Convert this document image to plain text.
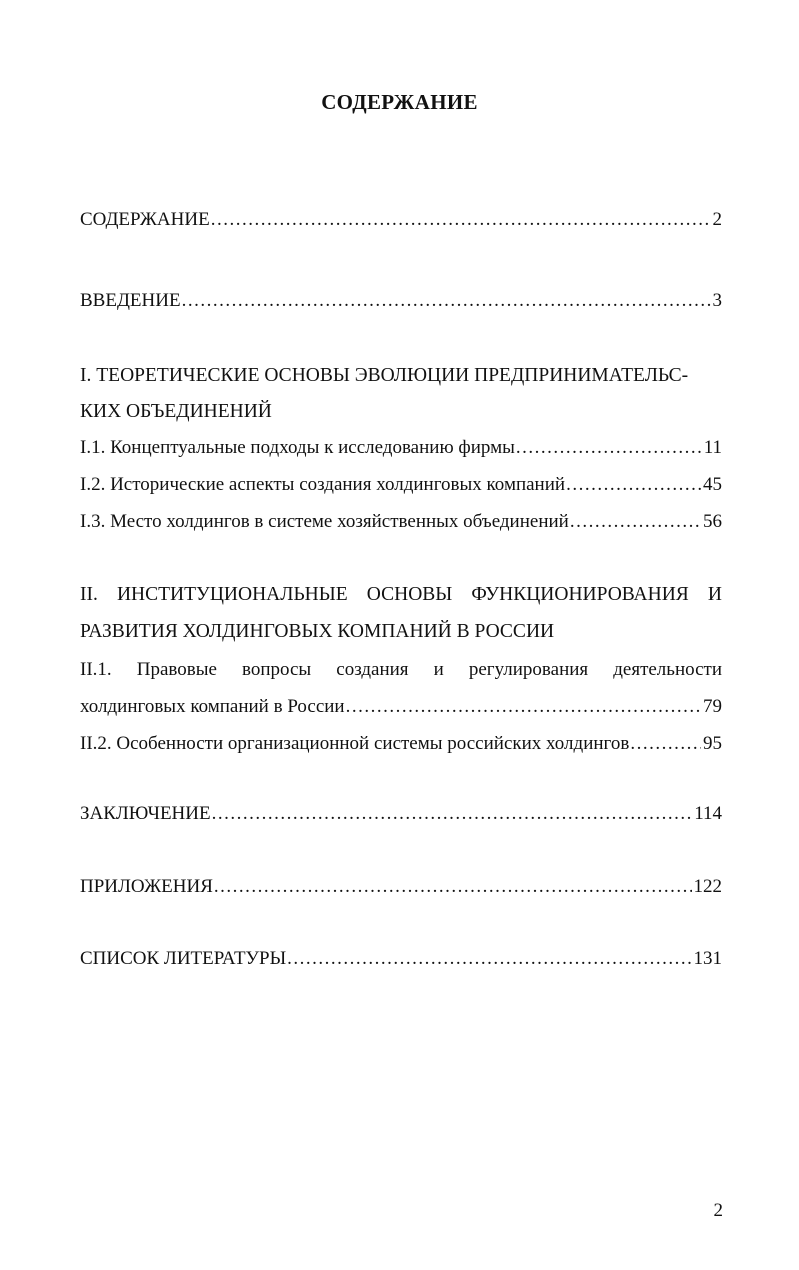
СОДЕРЖАНИЕ
СОДЕРЖАНИЕ .....	2
ВВЕДЕНИЕ .....	3
I. ТЕОРЕТИЧЕСКИЕ ОСНОВЫ ЭВОЛЮЦИИ ПРЕДПРИНИМАТЕЛЬС-
КИХ ОБЪЕДИНЕНИЙ
I.1. Концептуальные подходы к исследованию фирмы .....	11
I.2. Исторические аспекты создания холдинговых компаний .....	45
I.3. Место холдингов в системе хозяйственных объединений .....	56
II. ИНСТИТУЦИОНАЛЬНЫЕ ОСНОВЫ ФУНКЦИОНИРОВАНИЯ И
РАЗВИТИЯ ХОЛДИНГОВЫХ КОМПАНИЙ В РОССИИ
II.1. Правовые вопросы создания и регулирования деятельности
холдинговых компаний в России .....	79
II.2. Особенности организационной системы российских холдингов .....	95
ЗАКЛЮЧЕНИЕ .....	114
ПРИЛОЖЕНИЯ .....	122
СПИСОК ЛИТЕРАТУРЫ .....	131
2
